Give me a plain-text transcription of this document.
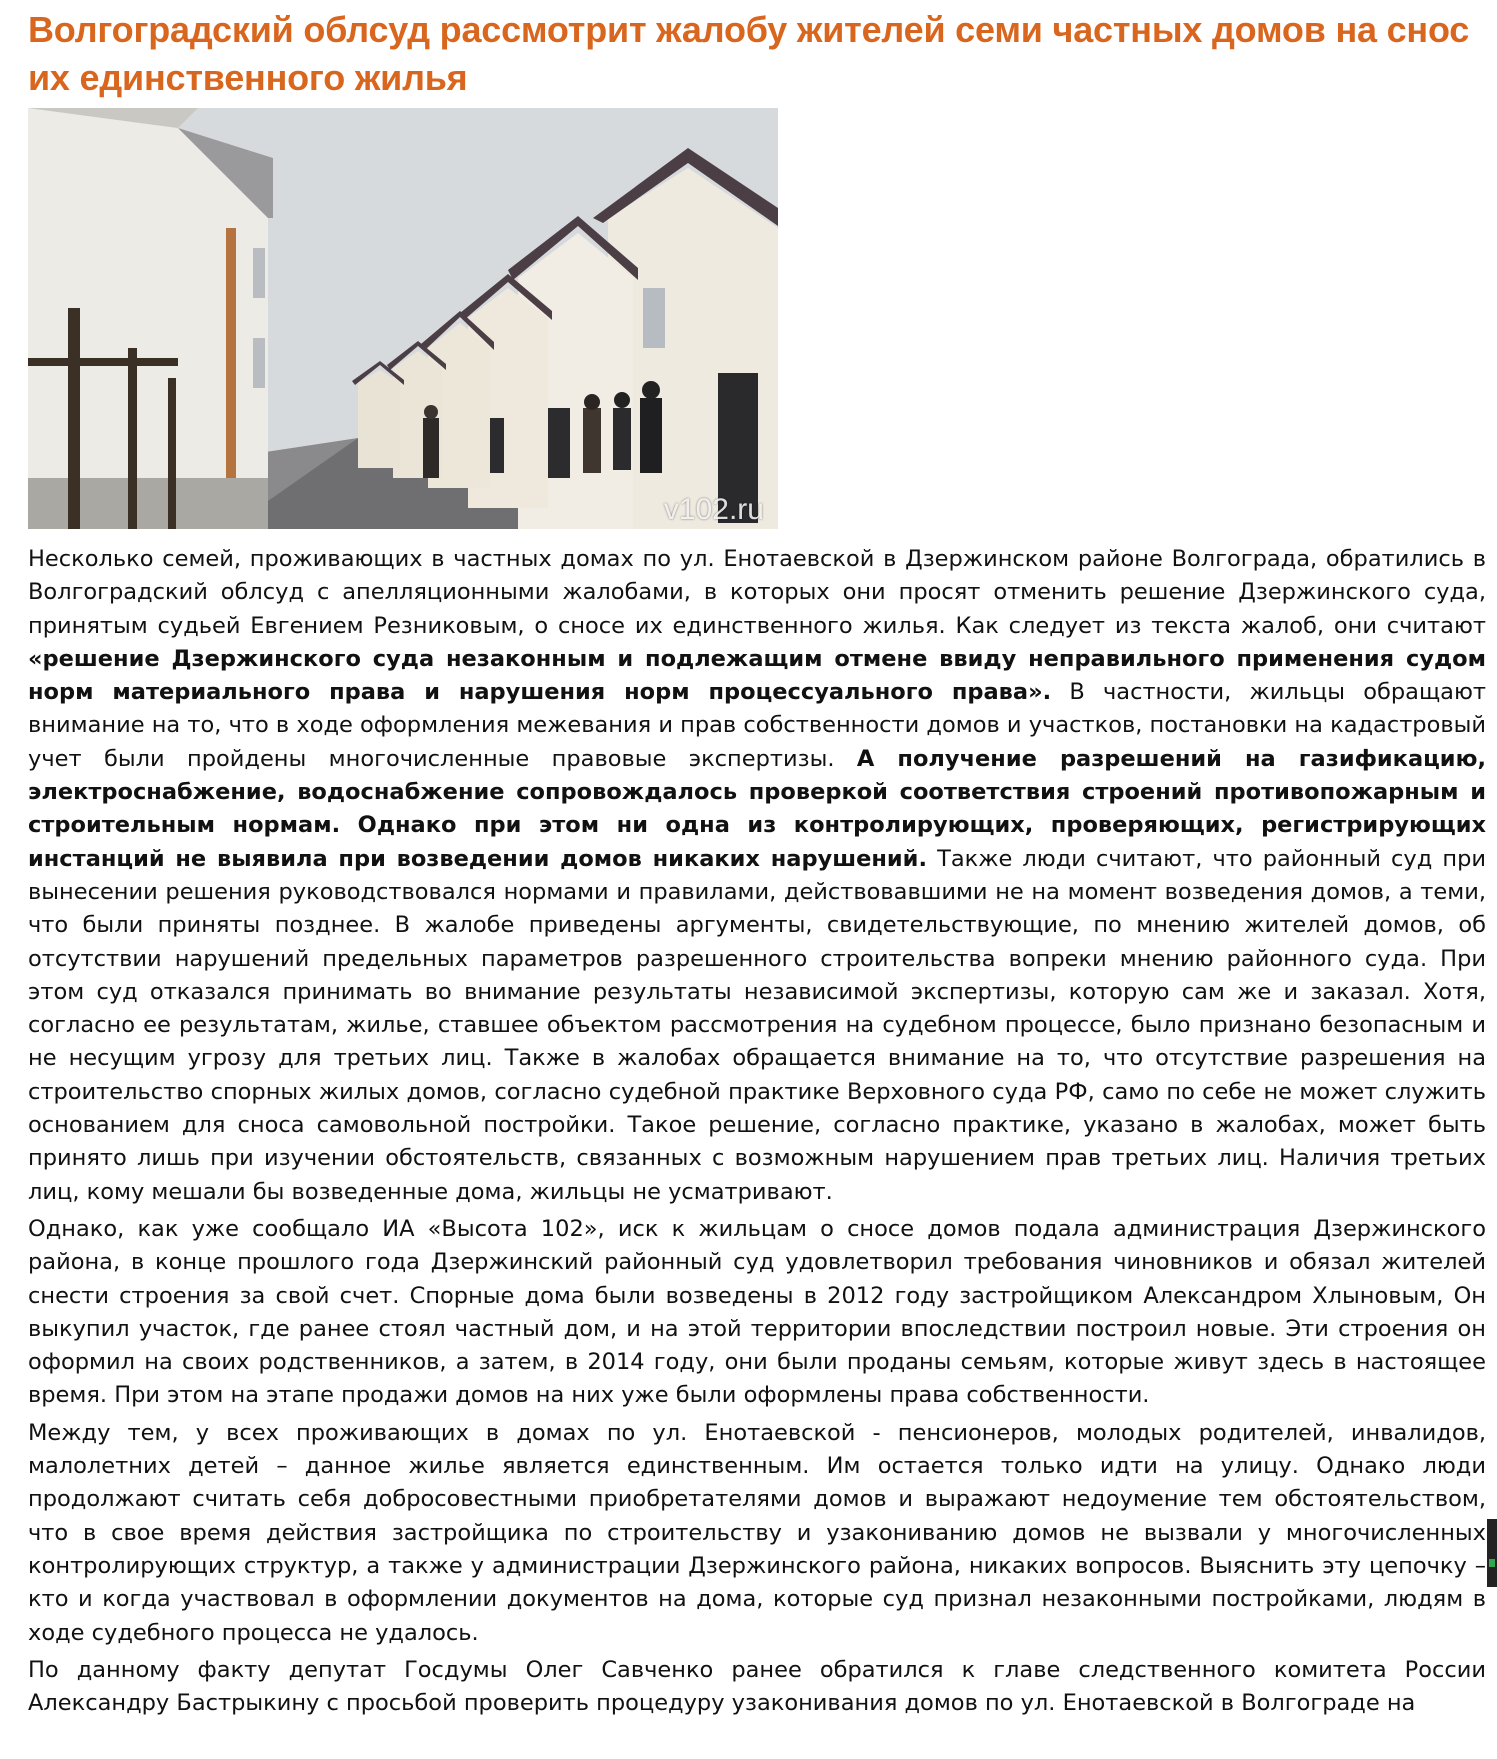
Волгоградский облсуд рассмотрит жалобу жителей семи частных домов на снос их единственного жилья
v102.ru

Несколько семей, проживающих в частных домах по ул. Енотаевской в Дзержинском районе Волгограда, обратились в Волгоградский облсуд с апелляционными жалобами, в которых они просят отменить решение Дзержинского суда, принятым судьей Евгением Резниковым, о сносе их единственного жилья. Как следует из текста жалоб, они считают «решение Дзержинского суда незаконным и подлежащим отмене ввиду неправильного применения судом норм материального права и нарушения норм процессуального права». В частности, жильцы обращают внимание на то, что в ходе оформления межевания и прав собственности домов и участков, постановки на кадастровый учет были пройдены многочисленные правовые экспертизы. А получение разрешений на газификацию, электроснабжение, водоснабжение сопровождалось проверкой соответствия строений противопожарным и строительным нормам. Однако при этом ни одна из контролирующих, проверяющих, регистрирующих инстанций не выявила при возведении домов никаких нарушений. Также люди считают, что районный суд при вынесении решения руководствовался нормами и правилами, действовавшими не на момент возведения домов, а теми, что были приняты позднее. В жалобе приведены аргументы, свидетельствующие, по мнению жителей домов, об отсутствии нарушений предельных параметров разрешенного строительства вопреки мнению районного суда. При этом суд отказался принимать во внимание результаты независимой экспертизы, которую сам же и заказал. Хотя, согласно ее результатам, жилье, ставшее объектом рассмотрения на судебном процессе, было признано безопасным и не несущим угрозу для третьих лиц. Также в жалобах обращается внимание на то, что отсутствие разрешения на строительство спорных жилых домов, согласно судебной практике Верховного суда РФ, само по себе не может служить основанием для сноса самовольной постройки. Такое решение, согласно практике, указано в жалобах, может быть принято лишь при изучении обстоятельств, связанных с возможным нарушением прав третьих лиц. Наличия третьих лиц, кому мешали бы возведенные дома, жильцы не усматривают.

Однако, как уже сообщало ИА «Высота 102», иск к жильцам о сносе домов подала администрация Дзержинского района, в конце прошлого года Дзержинский районный суд удовлетворил требования чиновников и обязал жителей снести строения за свой счет. Спорные дома были возведены в 2012 году застройщиком Александром Хлыновым, Он выкупил участок, где ранее стоял частный дом, и на этой территории впоследствии построил новые. Эти строения он оформил на своих родственников, а затем, в 2014 году, они были проданы семьям, которые живут здесь в настоящее время. При этом на этапе продажи домов на них уже были оформлены права собственности.

Между тем, у всех проживающих в домах по ул. Енотаевской - пенсионеров, молодых родителей, инвалидов, малолетних детей – данное жилье является единственным. Им остается только идти на улицу. Однако люди продолжают считать себя добросовестными приобретателями домов и выражают недоумение тем обстоятельством, что в свое время действия застройщика по строительству и узакониванию домов не вызвали у многочисленных контролирующих структур, а также у администрации Дзержинского района, никаких вопросов. Выяснить эту цепочку – кто и когда участвовал в оформлении документов на дома, которые суд признал незаконными постройками, людям в ходе судебного процесса не удалось.

По данному факту депутат Госдумы Олег Савченко ранее обратился к главе следственного комитета России Александру Бастрыкину с просьбой проверить процедуру узаконивания домов по ул. Енотаевской в Волгограде на
